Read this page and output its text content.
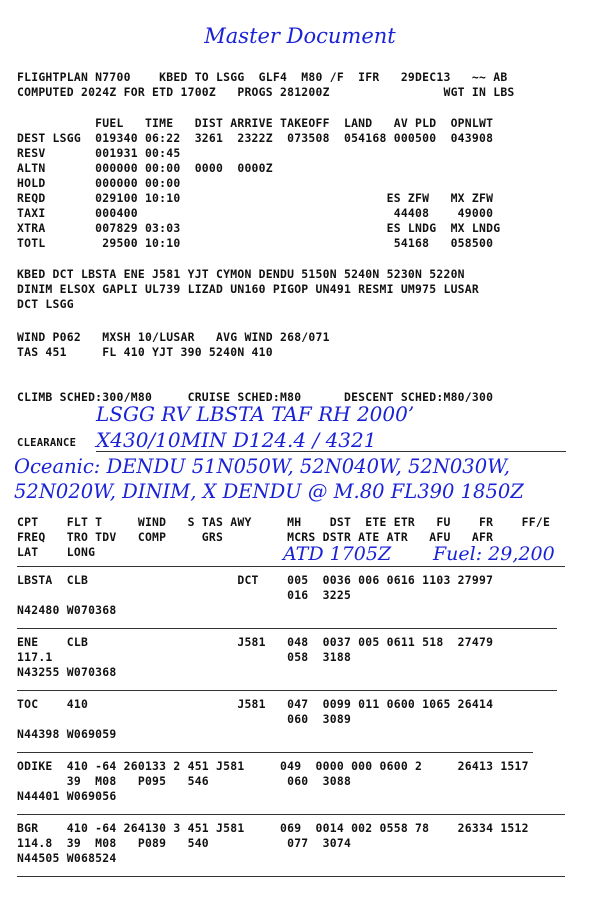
Master Document
FLIGHTPLAN N7700    KBED TO LSGG  GLF4  M80 /F  IFR   29DEC13   ~~ AB
COMPUTED 2024Z FOR ETD 1700Z   PROGS 281200Z                WGT IN LBS
FUEL   TIME   DIST ARRIVE TAKEOFF  LAND   AV PLD  OPNLWT
DEST LSGG  019340 06:22  3261  2322Z  073508  054168 000500  043908
RESV       001931 00:45
ALTN       000000 00:00  0000  0000Z
HOLD       000000 00:00
REQD       029100 10:10                             ES ZFW   MX ZFW
TAXI       000400                                    44408    49000
XTRA       007829 03:03                             ES LNDG  MX LNDG
TOTL        29500 10:10                              54168   058500
KBED DCT LBSTA ENE J581 YJT CYMON DENDU 5150N 5240N 5230N 5220N
DINIM ELSOX GAPLI UL739 LIZAD UN160 PIGOP UN491 RESMI UM975 LUSAR
DCT LSGG
WIND P062   MXSH 10/LUSAR   AVG WIND 268/071
TAS 451     FL 410 YJT 390 5240N 410
CLIMB SCHED:300/M80     CRUISE SCHED:M80      DESCENT SCHED:M80/300
LSGG RV LBSTA TAF RH 2000’
CLEARANCE X430/10MIN D124.4 / 4321
Oceanic: DENDU 51N050W, 52N040W, 52N030W,
52N020W, DINIM, X DENDU @ M.80 FL390 1850Z
CPT    FLT T     WIND   S TAS AWY     MH    DST  ETE ETR   FU    FR    FF/E
FREQ   TRO TDV   COMP     GRS         MCRS DSTR ATE ATR   AFU   AFR
LAT    LONG	ATD 1705Z Fuel: 29,200
LBSTA  CLB                     DCT    005  0036 006 0616 1103 27997
016  3225
N42480 W070368
ENE    CLB                     J581   048  0037 005 0611 518  27479
117.1                                 058  3188
N43255 W070368
TOC    410                     J581   047  0099 011 0600 1065 26414
060  3089
N44398 W069059
ODIKE  410 -64 260133 2 451 J581     049  0000 000 0600 2     26413 1517
39  M08   P095   546           060  3088
N44401 W069056
BGR    410 -64 264130 3 451 J581     069  0014 002 0558 78    26334 1512
114.8  39  M08   P089   540           077  3074
N44505 W068524
